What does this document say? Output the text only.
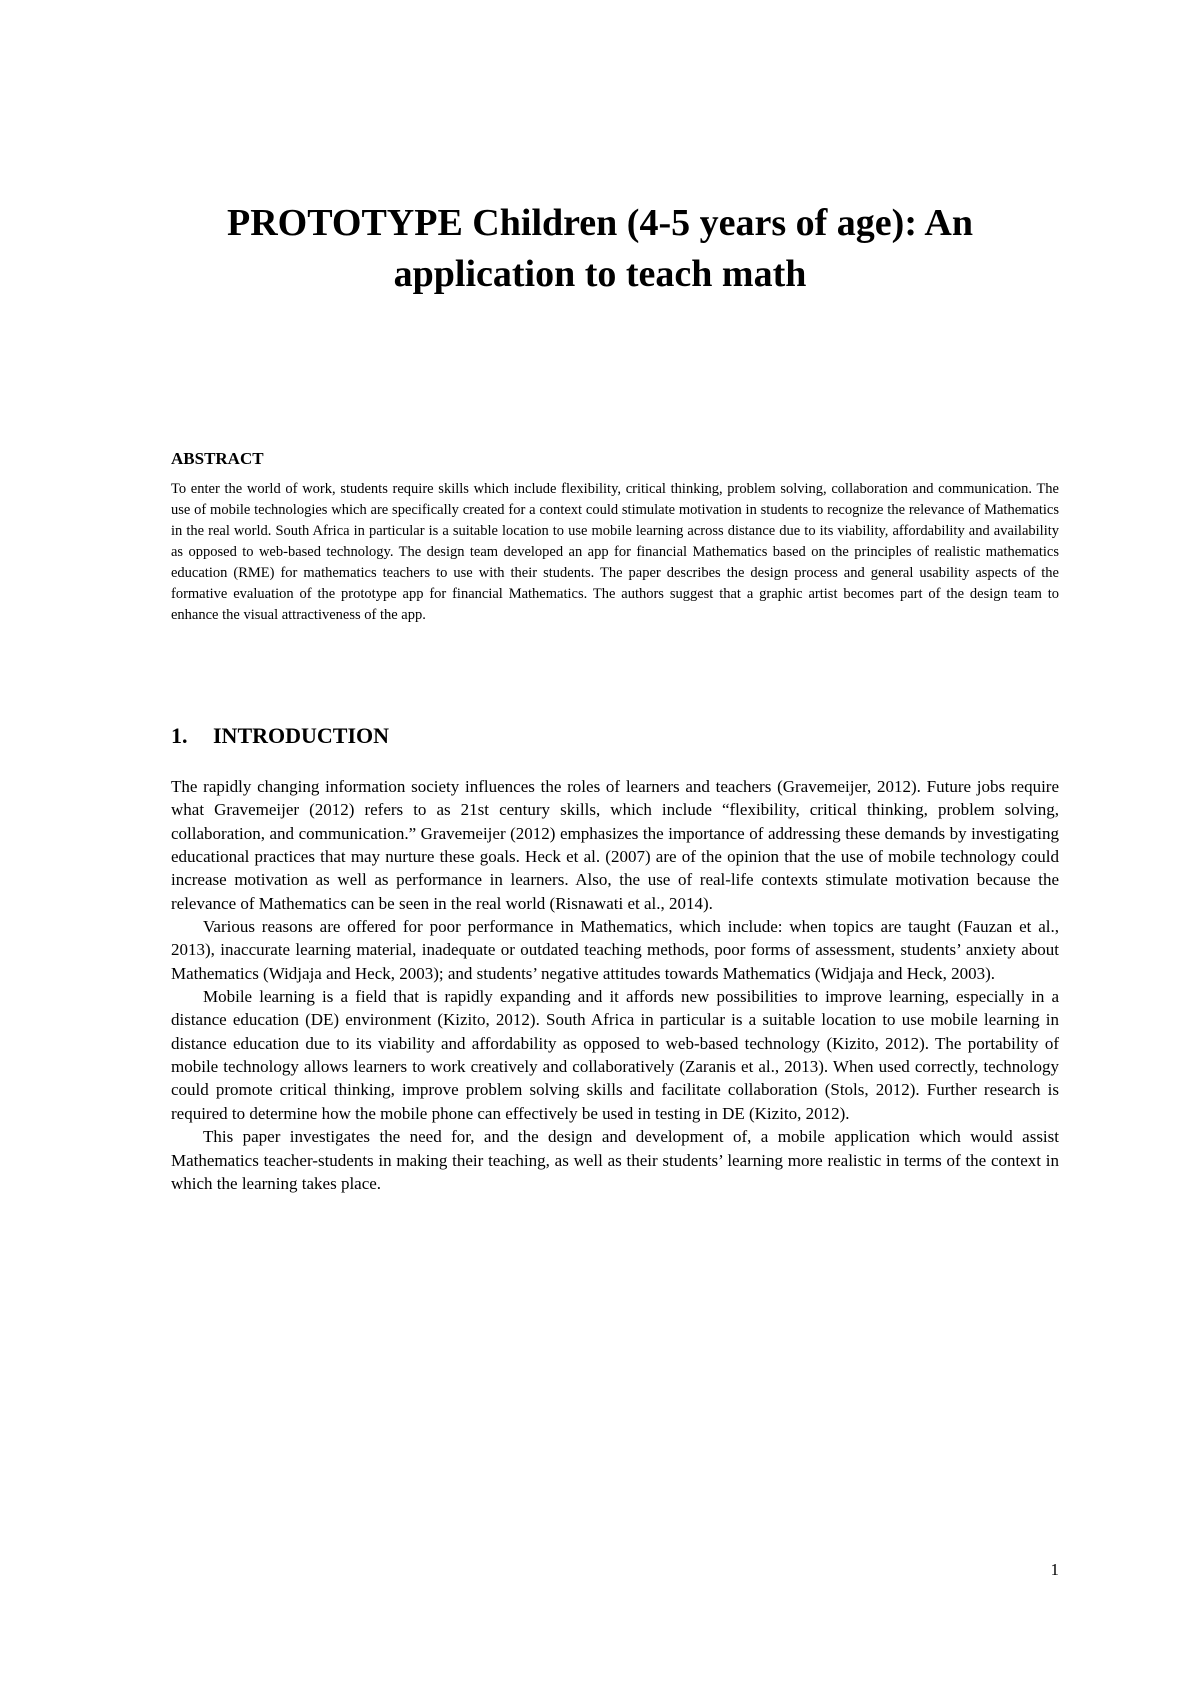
PROTOTYPE Children (4-5 years of age): An application to teach math
ABSTRACT

To enter the world of work, students require skills which include flexibility, critical thinking, problem solving, collaboration and communication. The use of mobile technologies which are specifically created for a context could stimulate motivation in students to recognize the relevance of Mathematics in the real world. South Africa in particular is a suitable location to use mobile learning across distance due to its viability, affordability and availability as opposed to web-based technology. The design team developed an app for financial Mathematics based on the principles of realistic mathematics education (RME) for mathematics teachers to use with their students. The paper describes the design process and general usability aspects of the formative evaluation of the prototype app for financial Mathematics. The authors suggest that a graphic artist becomes part of the design team to enhance the visual attractiveness of the app.

1. INTRODUCTION

The rapidly changing information society influences the roles of learners and teachers (Gravemeijer, 2012). Future jobs require what Gravemeijer (2012) refers to as 21st century skills, which include “flexibility, critical thinking, problem solving, collaboration, and communication.” Gravemeijer (2012) emphasizes the importance of addressing these demands by investigating educational practices that may nurture these goals. Heck et al. (2007) are of the opinion that the use of mobile technology could increase motivation as well as performance in learners. Also, the use of real-life contexts stimulate motivation because the relevance of Mathematics can be seen in the real world (Risnawati et al., 2014).

Various reasons are offered for poor performance in Mathematics, which include: when topics are taught (Fauzan et al., 2013), inaccurate learning material, inadequate or outdated teaching methods, poor forms of assessment, students’ anxiety about Mathematics (Widjaja and Heck, 2003); and students’ negative attitudes towards Mathematics (Widjaja and Heck, 2003).

Mobile learning is a field that is rapidly expanding and it affords new possibilities to improve learning, especially in a distance education (DE) environment (Kizito, 2012). South Africa in particular is a suitable location to use mobile learning in distance education due to its viability and affordability as opposed to web-based technology (Kizito, 2012). The portability of mobile technology allows learners to work creatively and collaboratively (Zaranis et al., 2013). When used correctly, technology could promote critical thinking, improve problem solving skills and facilitate collaboration (Stols, 2012). Further research is required to determine how the mobile phone can effectively be used in testing in DE (Kizito, 2012).

This paper investigates the need for, and the design and development of, a mobile application which would assist Mathematics teacher-students in making their teaching, as well as their students’ learning more realistic in terms of the context in which the learning takes place.

1
